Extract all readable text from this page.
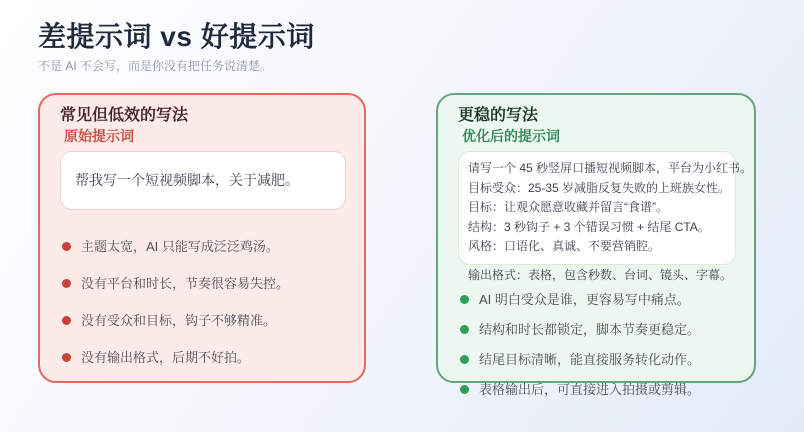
差提示词 vs 好提示词
不是 AI 不会写，而是你没有把任务说清楚。
常见但低效的写法
原始提示词
帮我写一个短视频脚本，关于减肥。
主题太宽，AI 只能写成泛泛鸡汤。
没有平台和时长，节奏很容易失控。
没有受众和目标，钩子不够精准。
没有输出格式，后期不好拍。
更稳的写法
优化后的提示词
请写一个 45 秒竖屏口播短视频脚本，平台为小红书。
目标受众：25-35 岁减脂反复失败的上班族女性。
目标：让观众愿意收藏并留言“食谱”。
结构：3 秒钩子 + 3 个错误习惯 + 结尾 CTA。
风格：口语化、真诚、不要营销腔。
输出格式：表格，包含秒数、台词、镜头、字幕。
AI 明白受众是谁，更容易写中痛点。
结构和时长都锁定，脚本节奏更稳定。
结尾目标清晰，能直接服务转化动作。
表格输出后，可直接进入拍摄或剪辑。
